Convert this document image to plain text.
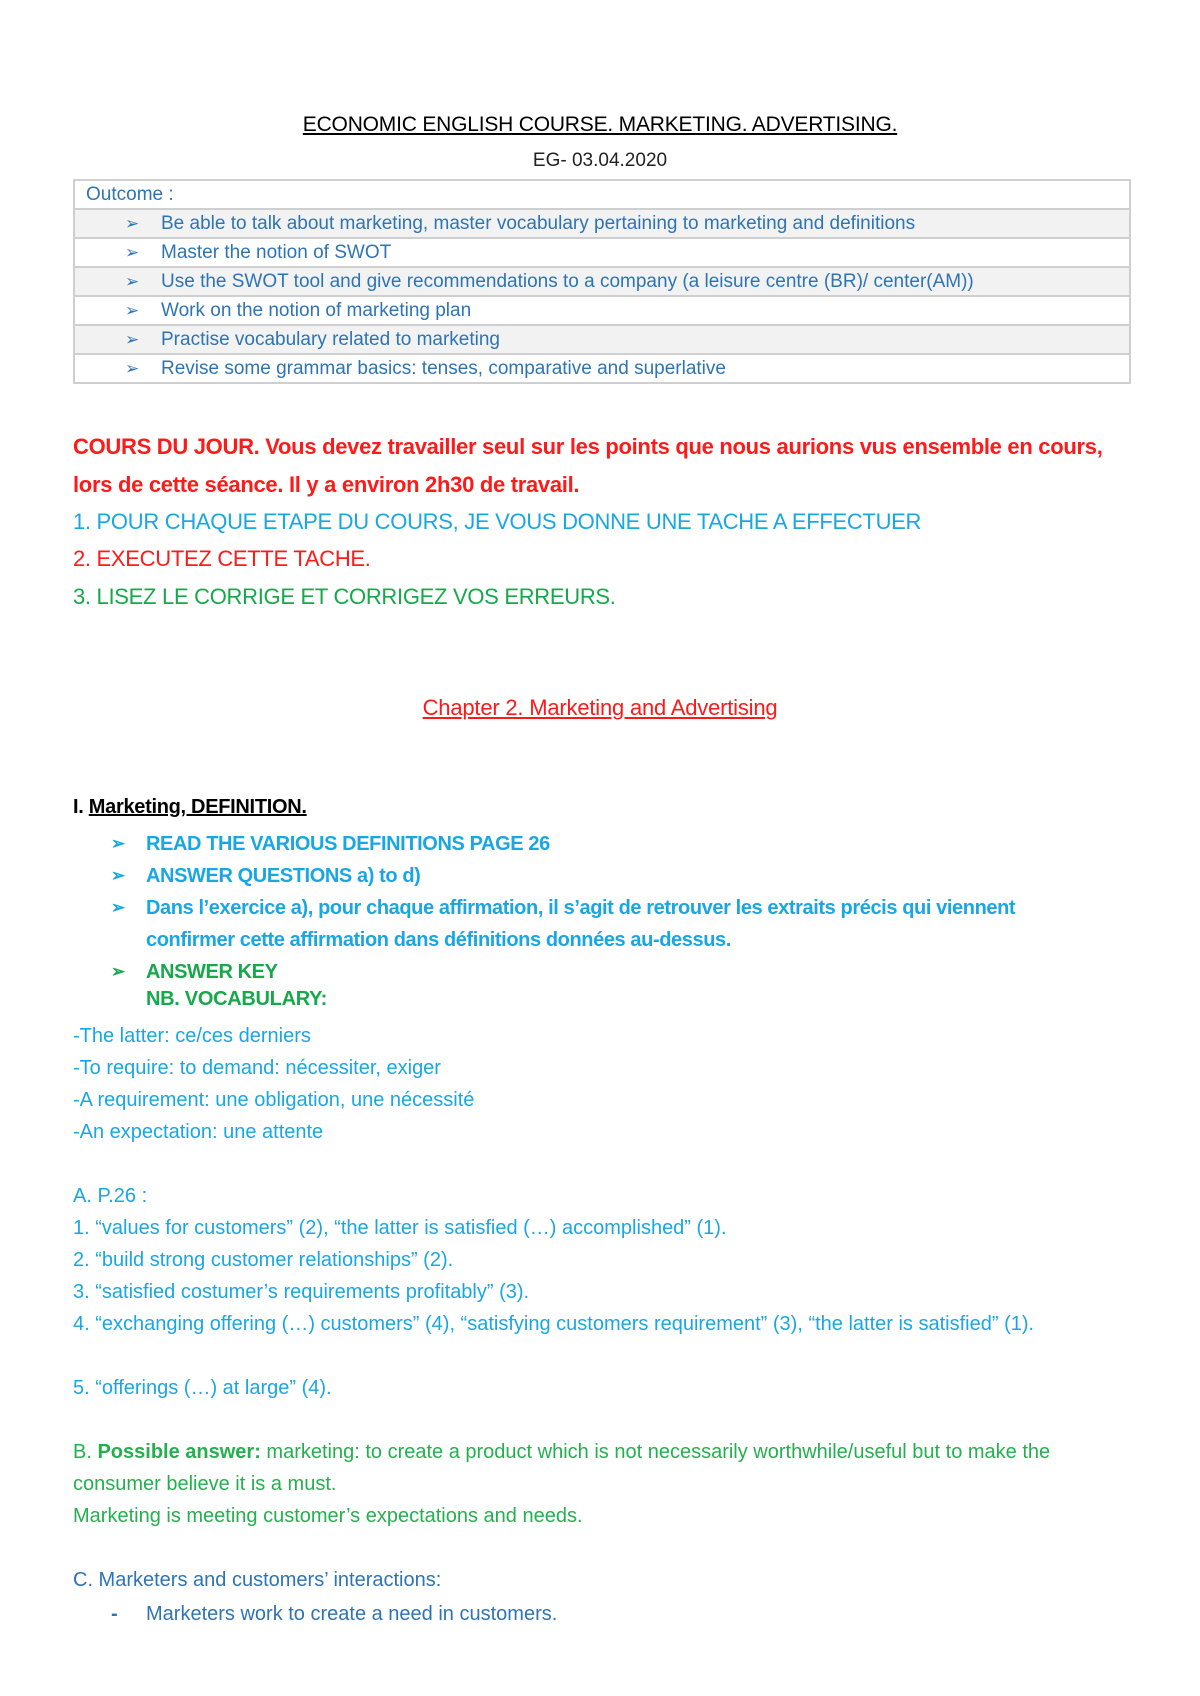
ECONOMIC ENGLISH COURSE. MARKETING. ADVERTISING.
EG- 03.04.2020
Outcome :
➢ Be able to talk about marketing, master vocabulary pertaining to marketing and definitions
➢ Master the notion of SWOT
➢ Use the SWOT tool and give recommendations to a company (a leisure centre (BR)/ center(AM))
➢ Work on the notion of marketing plan
➢ Practise vocabulary related to marketing
➢ Revise some grammar basics: tenses, comparative and superlative
COURS DU JOUR. Vous devez travailler seul sur les points que nous aurions vus ensemble en cours, lors de cette séance. Il y a environ 2h30 de travail.
1. POUR CHAQUE ETAPE DU COURS, JE VOUS DONNE UNE TACHE A EFFECTUER
2. EXECUTEZ CETTE TACHE.
3. LISEZ LE CORRIGE ET CORRIGEZ VOS ERREURS.
Chapter 2. Marketing and Advertising
I. Marketing, DEFINITION.
➢ READ THE VARIOUS DEFINITIONS PAGE 26
➢ ANSWER QUESTIONS a) to d)
➢ Dans l’exercice a), pour chaque affirmation, il s’agit de retrouver les extraits précis qui viennent confirmer cette affirmation dans définitions données au-dessus.
➢ ANSWER KEY
NB. VOCABULARY:
-The latter: ce/ces derniers
-To require: to demand: nécessiter, exiger
-A requirement: une obligation, une nécessité
-An expectation: une attente
A. P.26 :
1. “values for customers” (2), “the latter is satisfied (…) accomplished” (1).
2. “build strong customer relationships” (2).
3. “satisfied costumer’s requirements profitably” (3).
4. “exchanging offering (…) customers” (4), “satisfying customers requirement” (3), “the latter is satisfied” (1).
5. “offerings (…) at large” (4).
B. Possible answer: marketing: to create a product which is not necessarily worthwhile/useful but to make the consumer believe it is a must.
Marketing is meeting customer’s expectations and needs.
C. Marketers and customers’ interactions:
- Marketers work to create a need in customers.
